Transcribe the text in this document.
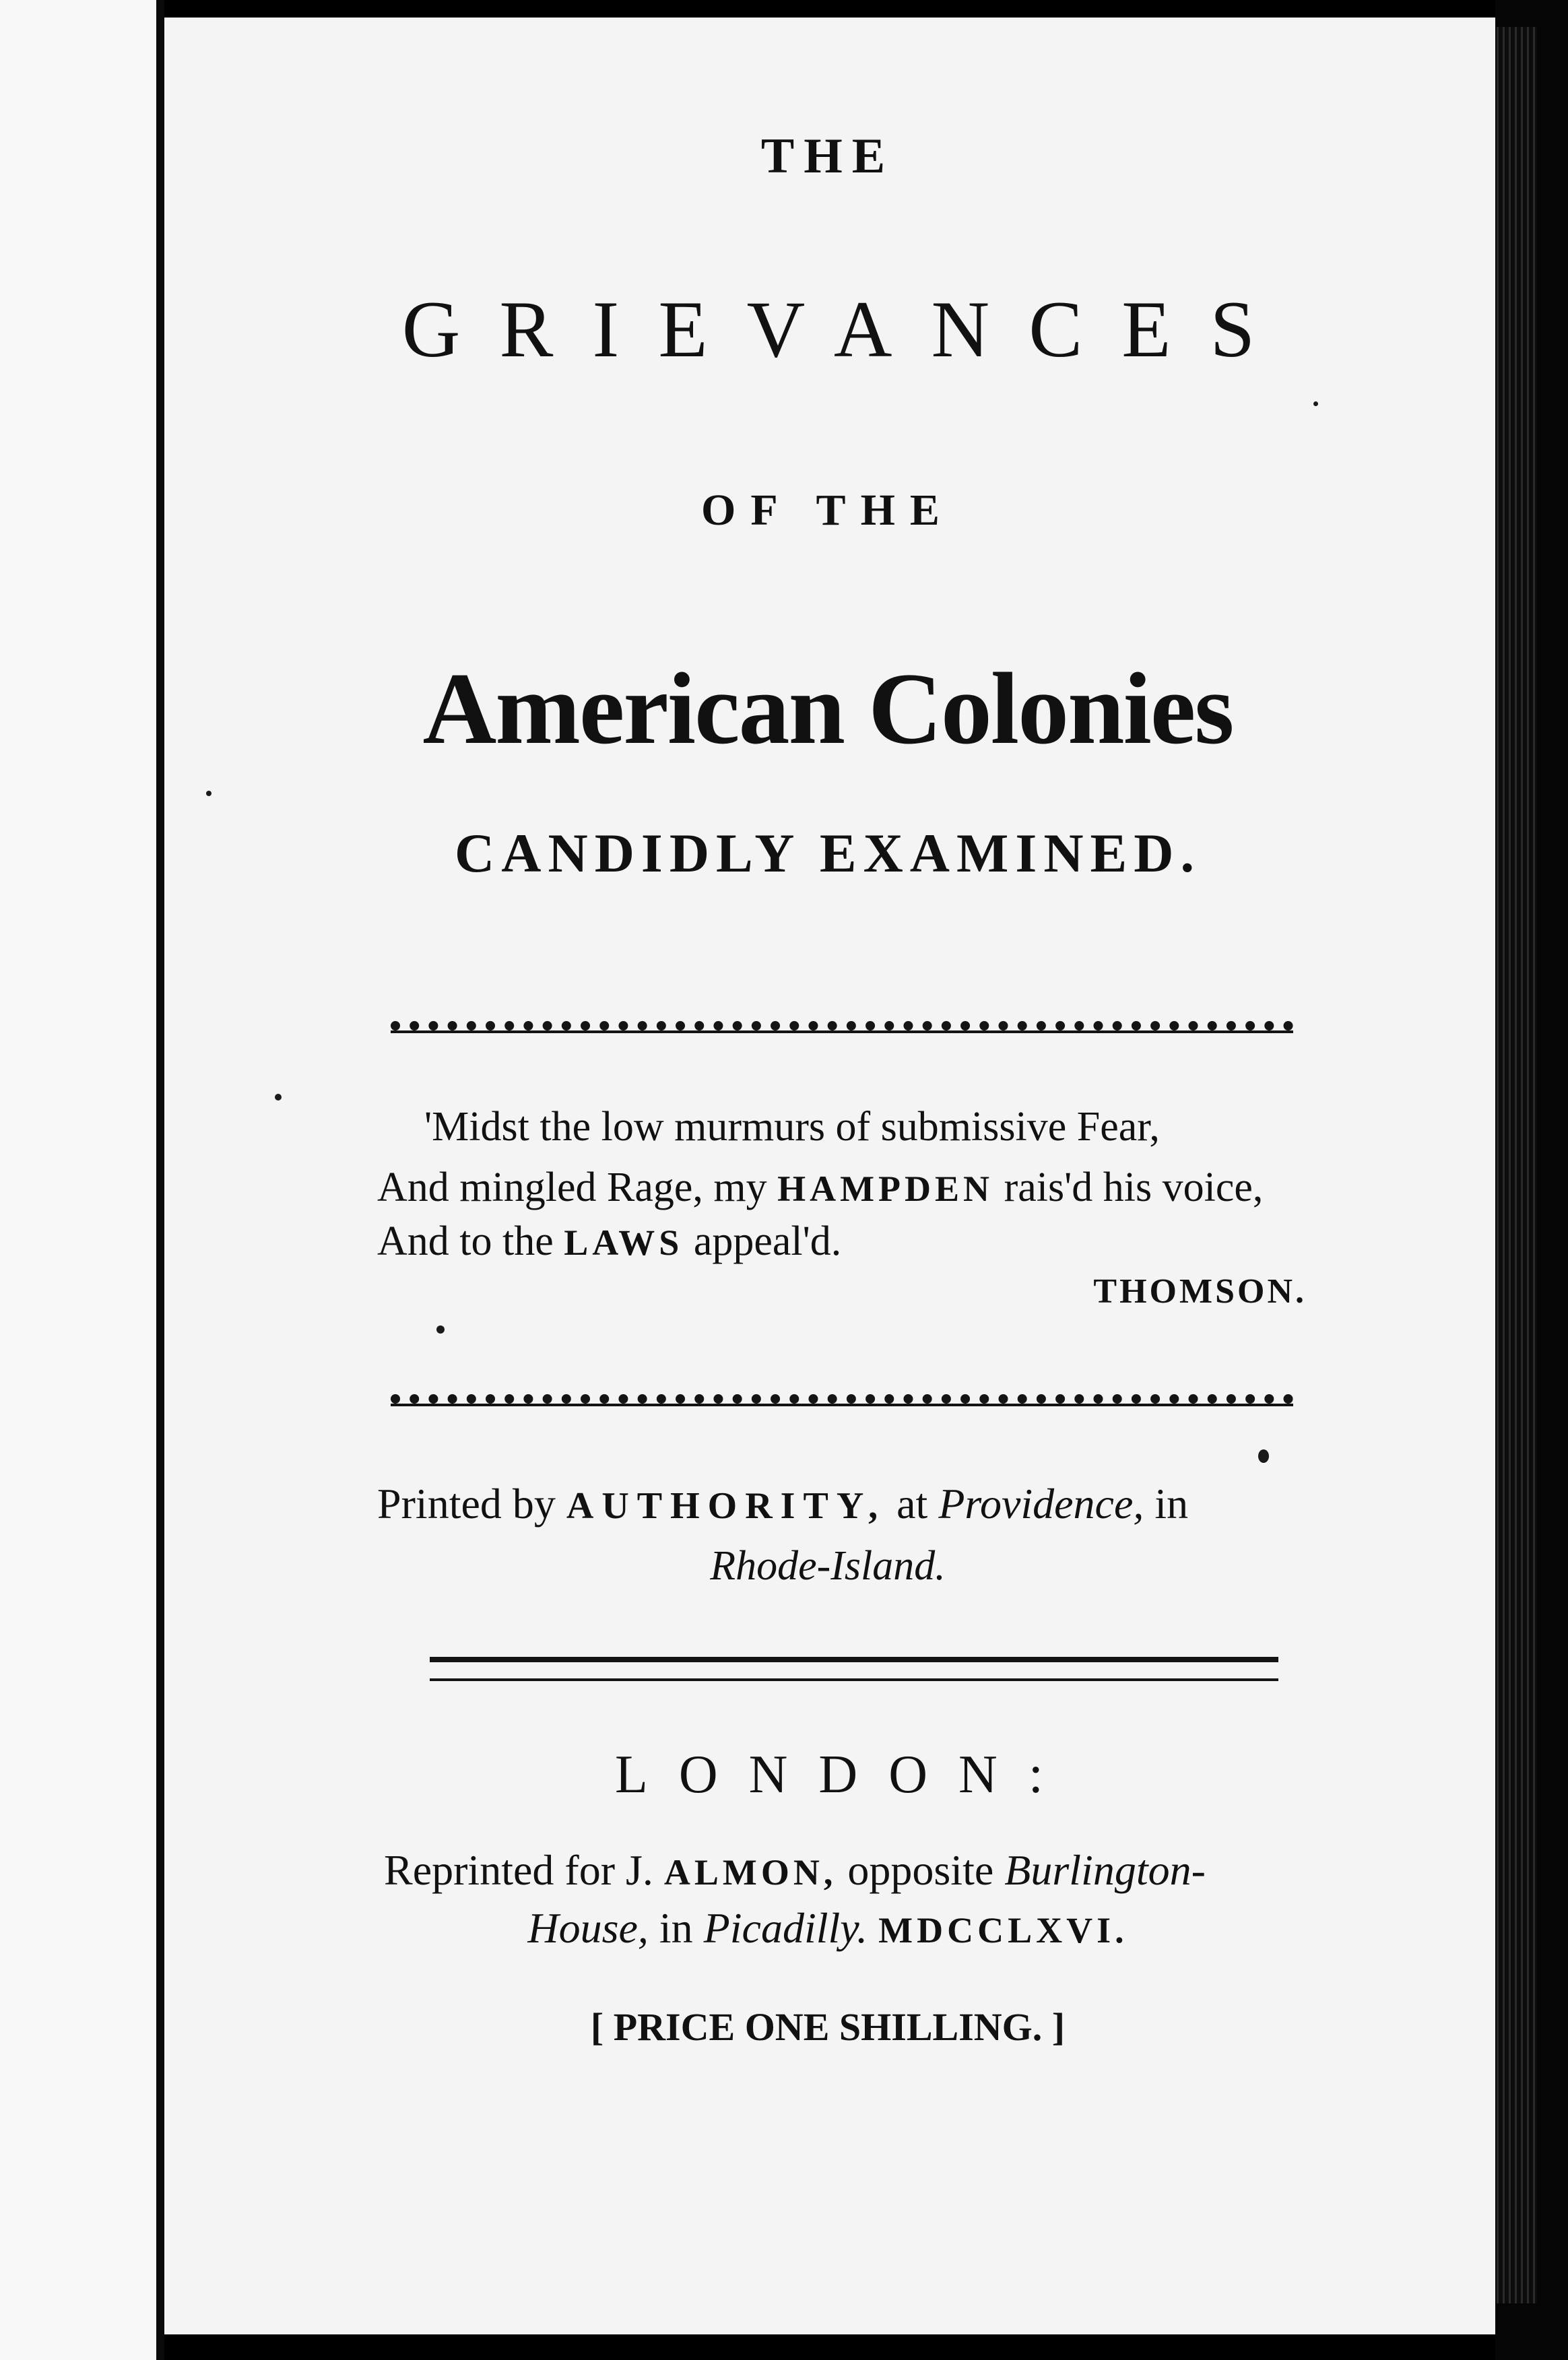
THE
GRIEVANCES
OF THE
American Colonies
CANDIDLY EXAMINED.
'Midst the low murmurs of submissive Fear,
And mingled Rage, my HAMPDEN rais'd his voice,
And to the LAWS appeal'd.
THOMSON.
Printed by AUTHORITY, at Providence, in
Rhode-Island.
LONDON:
Reprinted for J. ALMON, opposite Burlington-
House, in Picadilly. MDCCLXVI.
[ PRICE ONE SHILLING. ]
